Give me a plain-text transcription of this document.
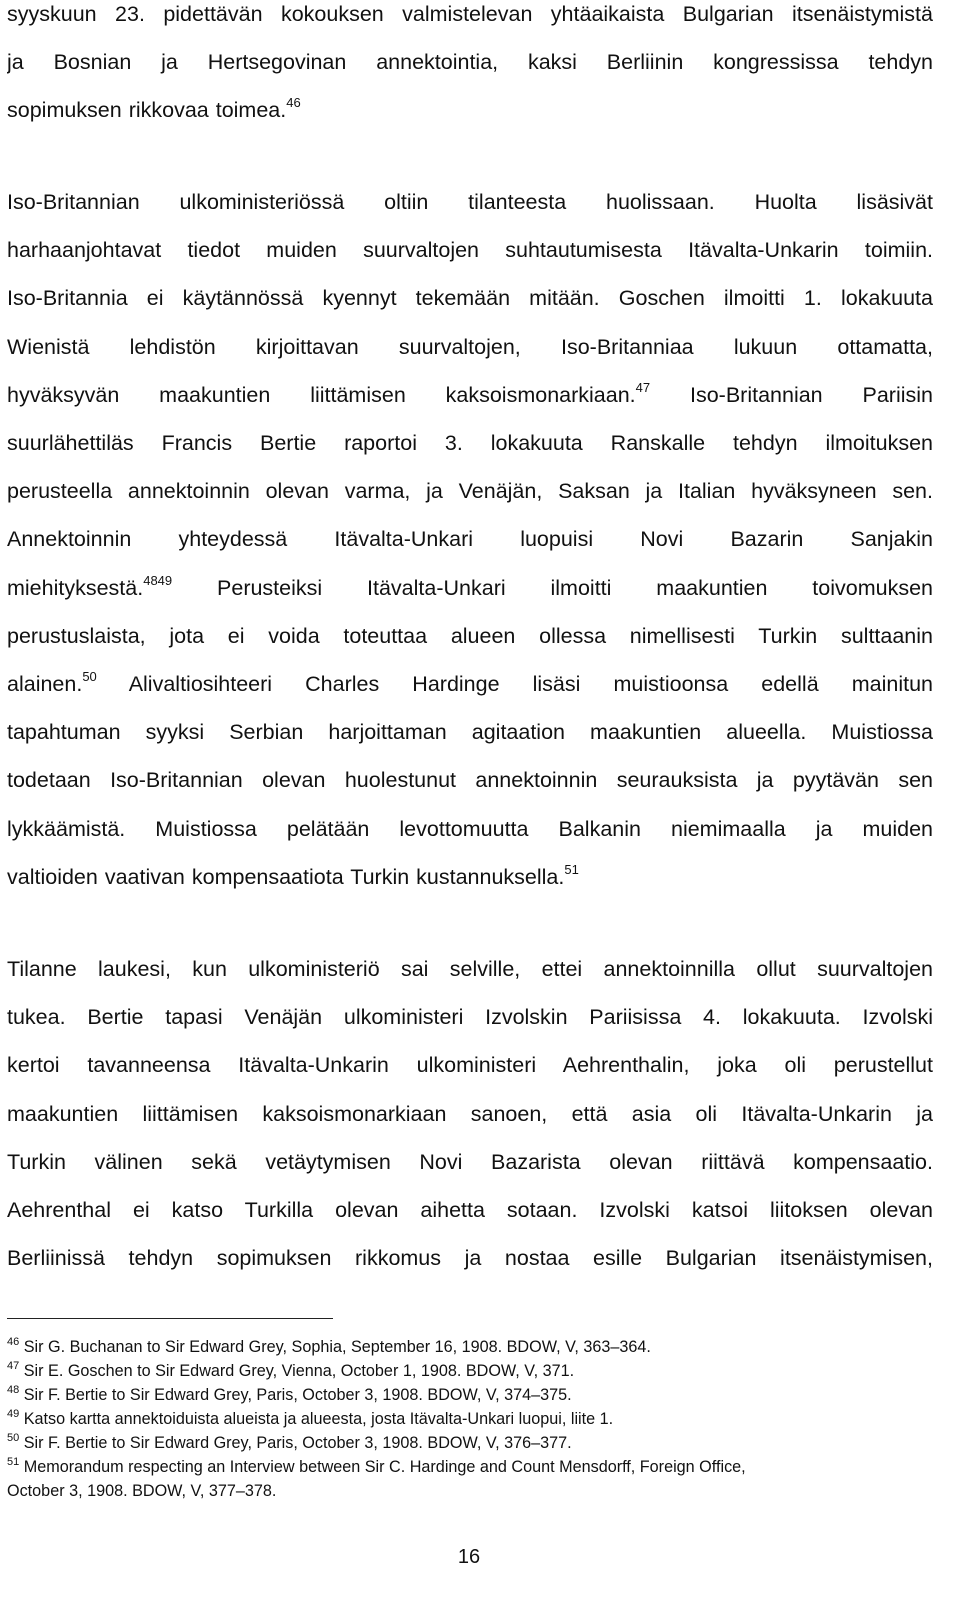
syyskuun 23. pidettävän kokouksen valmistelevan yhtäaikaista Bulgarian itsenäistymistä
ja Bosnian ja Hertsegovinan annektointia, kaksi Berliinin kongressissa tehdyn
sopimuksen rikkovaa toimea.$^{46}$
Iso-Britannian ulkoministeriössä oltiin tilanteesta huolissaan. Huolta lisäsivät
harhaanjohtavat tiedot muiden suurvaltojen suhtautumisesta Itävalta-Unkarin toimiin.
Iso-Britannia ei käytännössä kyennyt tekemään mitään. Goschen ilmoitti 1. lokakuuta
Wienistä lehdistön kirjoittavan suurvaltojen, Iso-Britanniaa lukuun ottamatta,
hyväksyvän maakuntien liittämisen kaksoismonarkiaan.$^{47}$ Iso-Britannian Pariisin
suurlähettiläs Francis Bertie raportoi 3. lokakuuta Ranskalle tehdyn ilmoituksen
perusteella annektoinnin olevan varma, ja Venäjän, Saksan ja Italian hyväksyneen sen.
Annektoinnin yhteydessä Itävalta-Unkari luopuisi Novi Bazarin Sanjakin
miehityksestä.$^{4849}$ Perusteiksi Itävalta-Unkari ilmoitti maakuntien toivomuksen
perustuslaista, jota ei voida toteuttaa alueen ollessa nimellisesti Turkin sulttaanin
alainen.$^{50}$ Alivaltiosihteeri Charles Hardinge lisäsi muistioonsa edellä mainitun
tapahtuman syyksi Serbian harjoittaman agitaation maakuntien alueella. Muistiossa
todetaan Iso-Britannian olevan huolestunut annektoinnin seurauksista ja pyytävän sen
lykkäämistä. Muistiossa pelätään levottomuutta Balkanin niemimaalla ja muiden
valtioiden vaativan kompensaatiota Turkin kustannuksella.$^{51}$
Tilanne laukesi, kun ulkoministeriö sai selville, ettei annektoinnilla ollut suurvaltojen
tukea. Bertie tapasi Venäjän ulkoministeri Izvolskin Pariisissa 4. lokakuuta. Izvolski
kertoi tavanneensa Itävalta-Unkarin ulkoministeri Aehrenthalin, joka oli perustellut
maakuntien liittämisen kaksoismonarkiaan sanoen, että asia oli Itävalta-Unkarin ja
Turkin välinen sekä vetäytymisen Novi Bazarista olevan riittävä kompensaatio.
Aehrenthal ei katso Turkilla olevan aihetta sotaan. Izvolski katsoi liitoksen olevan
Berliinissä tehdyn sopimuksen rikkomus ja nostaa esille Bulgarian itsenäistymisen,
$^{46}$ Sir G. Buchanan to Sir Edward Grey, Sophia, September 16, 1908. BDOW, V, 363–364.
$^{47}$ Sir E. Goschen to Sir Edward Grey, Vienna, October 1, 1908. BDOW, V, 371.
$^{48}$ Sir F. Bertie to Sir Edward Grey, Paris, October 3, 1908. BDOW, V, 374–375.
$^{49}$ Katso kartta annektoiduista alueista ja alueesta, josta Itävalta-Unkari luopui, liite 1.
$^{50}$ Sir F. Bertie to Sir Edward Grey, Paris, October 3, 1908. BDOW, V, 376–377.
$^{51}$ Memorandum respecting an Interview between Sir C. Hardinge and Count Mensdorff, Foreign Office,
October 3, 1908. BDOW, V, 377–378.
16
